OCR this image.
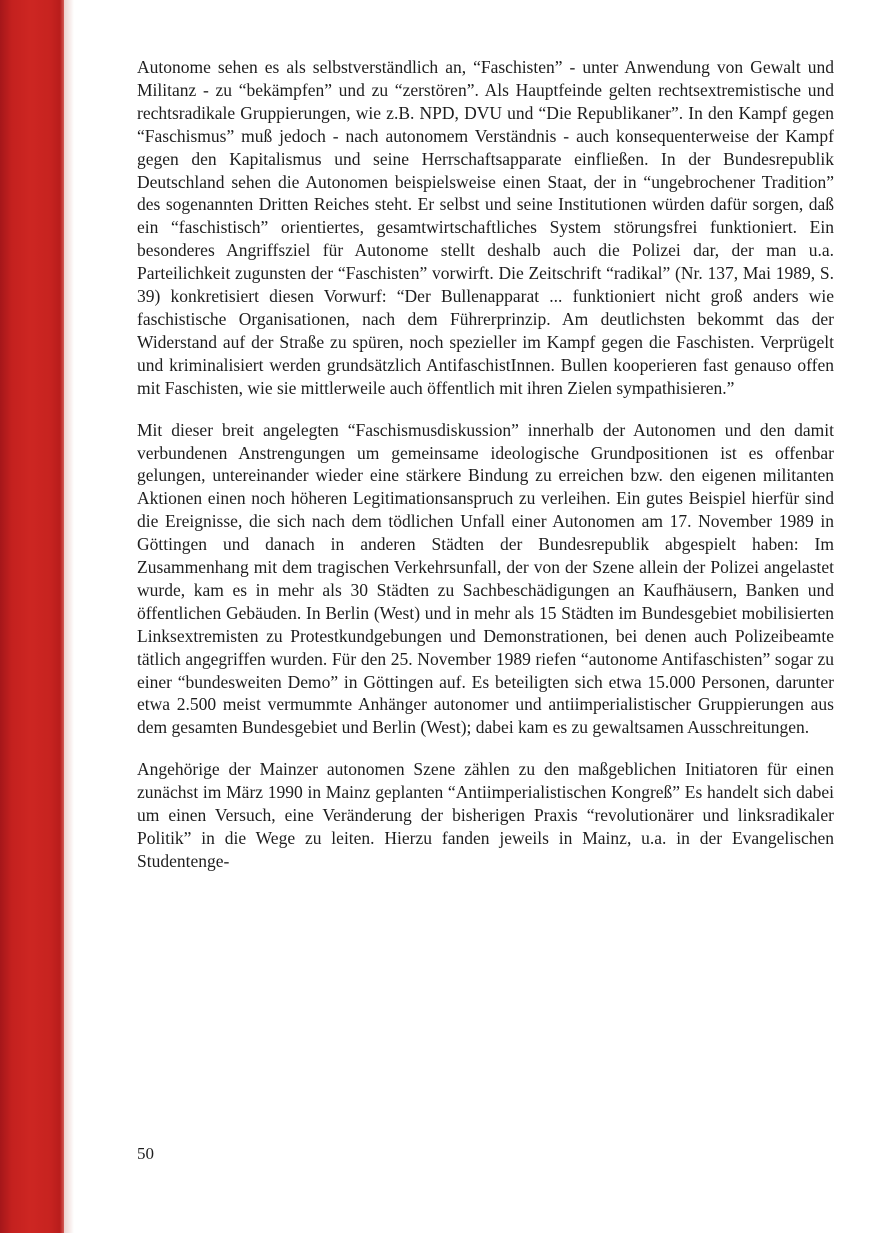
Autonome sehen es als selbstverständlich an, “Faschisten” - unter Anwendung von Gewalt und Militanz - zu “bekämpfen” und zu “zerstören”. Als Hauptfeinde gelten rechtsextremistische und rechtsradikale Gruppierungen, wie z.B. NPD, DVU und “Die Republikaner”. In den Kampf gegen “Faschismus” muß jedoch - nach autonomem Verständnis - auch konsequenterweise der Kampf gegen den Kapitalismus und seine Herrschaftsapparate einfließen. In der Bundesrepublik Deutschland sehen die Autonomen beispielsweise einen Staat, der in “ungebrochener Tradition” des sogenannten Dritten Reiches steht. Er selbst und seine Institutionen würden dafür sorgen, daß ein “faschistisch” orientiertes, gesamtwirtschaftliches System störungsfrei funktioniert. Ein besonderes Angriffsziel für Autonome stellt deshalb auch die Polizei dar, der man u.a. Parteilichkeit zugunsten der “Faschisten” vorwirft. Die Zeitschrift “radikal” (Nr. 137, Mai 1989, S. 39) konkretisiert diesen Vorwurf: “Der Bullenapparat ... funktioniert nicht groß anders wie faschistische Organisationen, nach dem Führerprinzip. Am deutlichsten bekommt das der Widerstand auf der Straße zu spüren, noch spezieller im Kampf gegen die Faschisten. Verprügelt und kriminalisiert werden grundsätzlich AntifaschistInnen. Bullen kooperieren fast genauso offen mit Faschisten, wie sie mittlerweile auch öffentlich mit ihren Zielen sympathisieren.”

Mit dieser breit angelegten “Faschismusdiskussion” innerhalb der Autonomen und den damit verbundenen Anstrengungen um gemeinsame ideologische Grundpositionen ist es offenbar gelungen, untereinander wieder eine stärkere Bindung zu erreichen bzw. den eigenen militanten Aktionen einen noch höheren Legitimationsanspruch zu verleihen. Ein gutes Beispiel hierfür sind die Ereignisse, die sich nach dem tödlichen Unfall einer Autonomen am 17. November 1989 in Göttingen und danach in anderen Städten der Bundesrepublik abgespielt haben: Im Zusammenhang mit dem tragischen Verkehrsunfall, der von der Szene allein der Polizei angelastet wurde, kam es in mehr als 30 Städten zu Sachbeschädigungen an Kaufhäusern, Banken und öffentlichen Gebäuden. In Berlin (West) und in mehr als 15 Städten im Bundesgebiet mobilisierten Linksextremisten zu Protestkundgebungen und Demonstrationen, bei denen auch Polizeibeamte tätlich angegriffen wurden. Für den 25. November 1989 riefen “autonome Antifaschisten” sogar zu einer “bundesweiten Demo” in Göttingen auf. Es beteiligten sich etwa 15.000 Personen, darunter etwa 2.500 meist vermummte Anhänger autonomer und antiimperialistischer Gruppierungen aus dem gesamten Bundesgebiet und Berlin (West); dabei kam es zu gewaltsamen Ausschreitungen.

Angehörige der Mainzer autonomen Szene zählen zu den maßgeblichen Initiatoren für einen zunächst im März 1990 in Mainz geplanten “Antiimperialistischen Kongreß” Es handelt sich dabei um einen Versuch, eine Veränderung der bisherigen Praxis “revolutionärer und linksradikaler Politik” in die Wege zu leiten. Hierzu fanden jeweils in Mainz, u.a. in der Evangelischen Studentenge-

50
